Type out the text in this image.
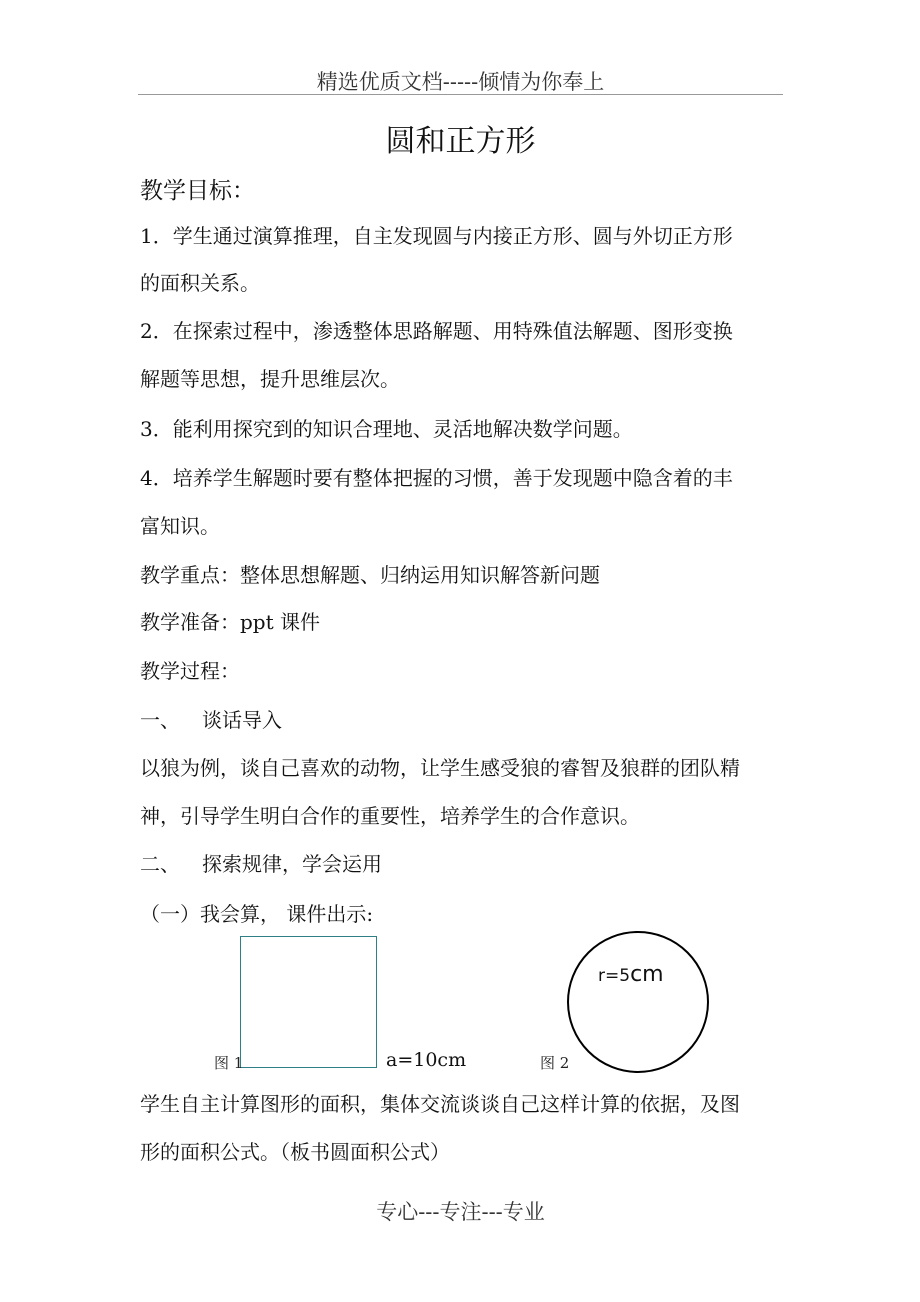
精选优质文档-----倾情为你奉上
圆和正方形
教学目标：
1．学生通过演算推理，自主发现圆与内接正方形、圆与外切正方形
的面积关系。
2．在探索过程中，渗透整体思路解题、用特殊值法解题、图形变换
解题等思想，提升思维层次。
3．能利用探究到的知识合理地、灵活地解决数学问题。
4．培养学生解题时要有整体把握的习惯，善于发现题中隐含着的丰
富知识。
教学重点：整体思想解题、归纳运用知识解答新问题
教学准备：ppt 课件
教学过程：
一、 谈话导入
以狼为例，谈自己喜欢的动物，让学生感受狼的睿智及狼群的团队精
神，引导学生明白合作的重要性，培养学生的合作意识。
二、 探索规律，学会运用
（一）我会算， 课件出示:
图 1	a=10cm
r=5cm
图 2
学生自主计算图形的面积，集体交流谈谈自己这样计算的依据，及图
形的面积公式。（板书圆面积公式）
专心---专注---专业
